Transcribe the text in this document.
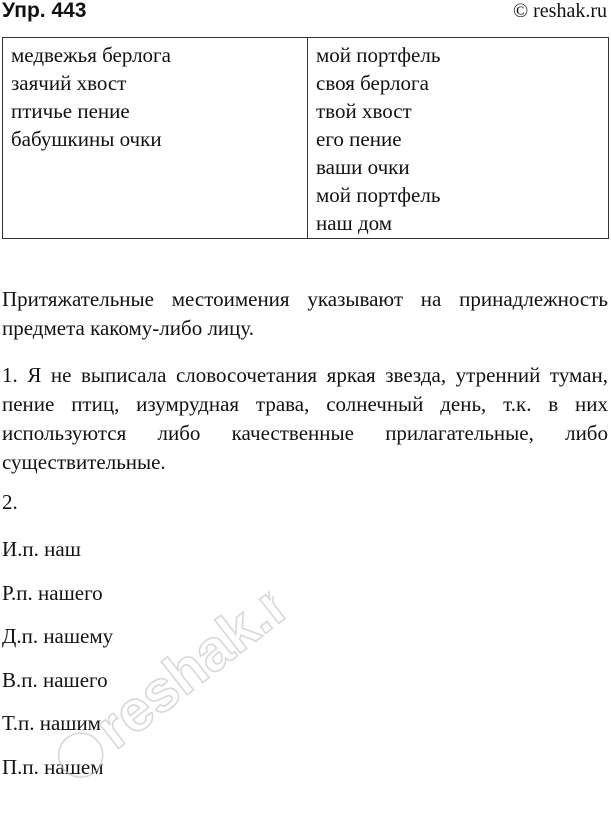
Упр. 443	© reshak.ru
медвежья берлога
заячий хвост
птичье пение
бабушкины очки

мой портфель
своя берлога
твой хвост
его пение
ваши очки
мой портфель
наш дом
Притяжательные местоимения указывают на принадлежность предмета какому-либо лицу.
1. Я не выписала словосочетания яркая звезда, утренний туман, пение птиц, изумрудная трава, солнечный день, т.к. в них используются либо качественные прилагательные, либо существительные.
2.
И.п. наш
Р.п. нашего
Д.п. нашему
В.п. нашего
Т.п. нашим
П.п. нашем
reshak.ru
